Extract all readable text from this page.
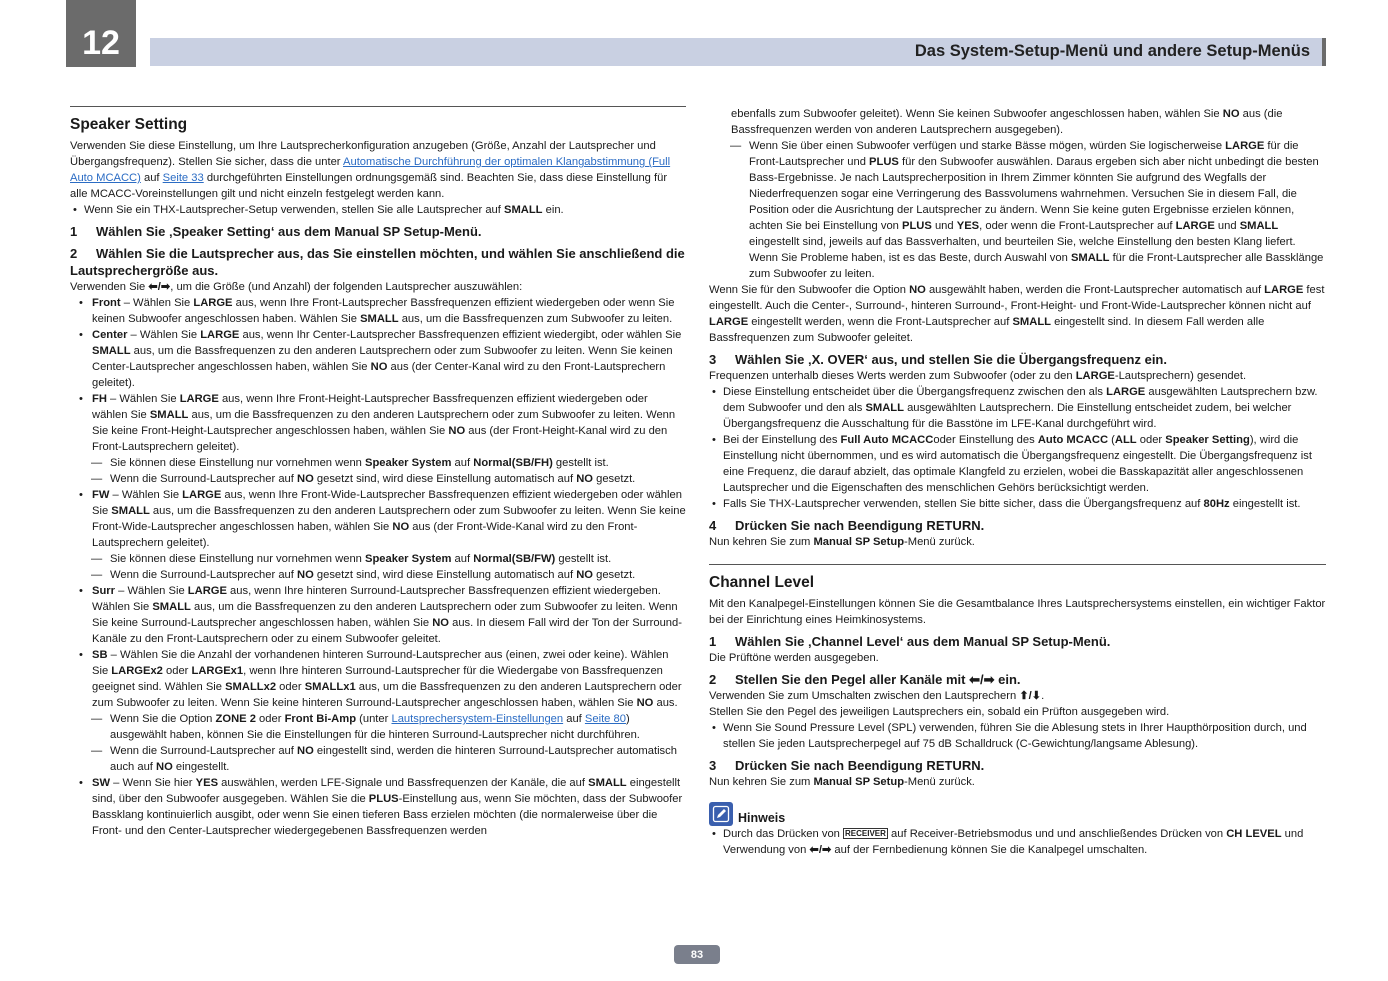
12	Das System-Setup-Menü und andere Setup-Menüs
Speaker Setting

Verwenden Sie diese Einstellung, um Ihre Lautsprecherkonfiguration anzugeben (Größe, Anzahl der Lautsprecher und Übergangsfrequenz). Stellen Sie sicher, dass die unter Automatische Durchführung der optimalen Klangabstimmung (Full Auto MCACC) auf Seite 33 durchgeführten Einstellungen ordnungsgemäß sind. Beachten Sie, dass diese Einstellung für alle MCACC-Voreinstellungen gilt und nicht einzeln festgelegt werden kann.

• Wenn Sie ein THX-Lautsprecher-Setup verwenden, stellen Sie alle Lautsprecher auf SMALL ein.
1 Wählen Sie ‚Speaker Setting‘ aus dem Manual SP Setup-Menü.
2 Wählen Sie die Lautsprecher aus, das Sie einstellen möchten, und wählen Sie anschließend die Lautsprechergröße aus.

Verwenden Sie ⬅/➡, um die Größe (und Anzahl) der folgenden Lautsprecher auszuwählen:

• Front – Wählen Sie LARGE aus, wenn Ihre Front-Lautsprecher Bassfrequenzen effizient wiedergeben oder wenn Sie keinen Subwoofer angeschlossen haben. Wählen Sie SMALL aus, um die Bassfrequenzen zum Subwoofer zu leiten.
• Center – Wählen Sie LARGE aus, wenn Ihr Center-Lautsprecher Bassfrequenzen effizient wiedergibt, oder wählen Sie SMALL aus, um die Bassfrequenzen zu den anderen Lautsprechern oder zum Subwoofer zu leiten. Wenn Sie keinen Center-Lautsprecher angeschlossen haben, wählen Sie NO aus (der Center-Kanal wird zu den Front-Lautsprechern geleitet).
• FH – Wählen Sie LARGE aus, wenn Ihre Front-Height-Lautsprecher Bassfrequenzen effizient wiedergeben oder wählen Sie SMALL aus, um die Bassfrequenzen zu den anderen Lautsprechern oder zum Subwoofer zu leiten. Wenn Sie keine Front-Height-Lautsprecher angeschlossen haben, wählen Sie NO aus (der Front-Height-Kanal wird zu den Front-Lautsprechern geleitet).
— Sie können diese Einstellung nur vornehmen wenn Speaker System auf Normal(SB/FH) gestellt ist.
— Wenn die Surround-Lautsprecher auf NO gesetzt sind, wird diese Einstellung automatisch auf NO gesetzt.
• FW – Wählen Sie LARGE aus, wenn Ihre Front-Wide-Lautsprecher Bassfrequenzen effizient wiedergeben oder wählen Sie SMALL aus, um die Bassfrequenzen zu den anderen Lautsprechern oder zum Subwoofer zu leiten. Wenn Sie keine Front-Wide-Lautsprecher angeschlossen haben, wählen Sie NO aus (der Front-Wide-Kanal wird zu den Front-Lautsprechern geleitet).
— Sie können diese Einstellung nur vornehmen wenn Speaker System auf Normal(SB/FW) gestellt ist.
— Wenn die Surround-Lautsprecher auf NO gesetzt sind, wird diese Einstellung automatisch auf NO gesetzt.
• Surr – Wählen Sie LARGE aus, wenn Ihre hinteren Surround-Lautsprecher Bassfrequenzen effizient wiedergeben. Wählen Sie SMALL aus, um die Bassfrequenzen zu den anderen Lautsprechern oder zum Subwoofer zu leiten. Wenn Sie keine Surround-Lautsprecher angeschlossen haben, wählen Sie NO aus. In diesem Fall wird der Ton der Surround-Kanäle zu den Front-Lautsprechern oder zu einem Subwoofer geleitet.
• SB – Wählen Sie die Anzahl der vorhandenen hinteren Surround-Lautsprecher aus (einen, zwei oder keine). Wählen Sie LARGEx2 oder LARGEx1, wenn Ihre hinteren Surround-Lautsprecher für die Wiedergabe von Bassfrequenzen geeignet sind. Wählen Sie SMALLx2 oder SMALLx1 aus, um die Bassfrequenzen zu den anderen Lautsprechern oder zum Subwoofer zu leiten. Wenn Sie keine hinteren Surround-Lautsprecher angeschlossen haben, wählen Sie NO aus.
— Wenn Sie die Option ZONE 2 oder Front Bi-Amp (unter Lautsprechersystem-Einstellungen auf Seite 80) ausgewählt haben, können Sie die Einstellungen für die hinteren Surround-Lautsprecher nicht durchführen.
— Wenn die Surround-Lautsprecher auf NO eingestellt sind, werden die hinteren Surround-Lautsprecher automatisch auch auf NO eingestellt.
• SW – Wenn Sie hier YES auswählen, werden LFE-Signale und Bassfrequenzen der Kanäle, die auf SMALL eingestellt sind, über den Subwoofer ausgegeben. Wählen Sie die PLUS-Einstellung aus, wenn Sie möchten, dass der Subwoofer Bassklang kontinuierlich ausgibt, oder wenn Sie einen tieferen Bass erzielen möchten (die normalerweise über die Front- und den Center-Lautsprecher wiedergegebenen Bassfrequenzen werden

ebenfalls zum Subwoofer geleitet). Wenn Sie keinen Subwoofer angeschlossen haben, wählen Sie NO aus (die Bassfrequenzen werden von anderen Lautsprechern ausgegeben).

— Wenn Sie über einen Subwoofer verfügen und starke Bässe mögen, würden Sie logischerweise LARGE für die Front-Lautsprecher und PLUS für den Subwoofer auswählen. Daraus ergeben sich aber nicht unbedingt die besten Bass-Ergebnisse. Je nach Lautsprecherposition in Ihrem Zimmer könnten Sie aufgrund des Wegfalls der Niederfrequenzen sogar eine Verringerung des Bassvolumens wahrnehmen. Versuchen Sie in diesem Fall, die Position oder die Ausrichtung der Lautsprecher zu ändern. Wenn Sie keine guten Ergebnisse erzielen können, achten Sie bei Einstellung von PLUS und YES, oder wenn die Front-Lautsprecher auf LARGE und SMALL eingestellt sind, jeweils auf das Bassverhalten, und beurteilen Sie, welche Einstellung den besten Klang liefert. Wenn Sie Probleme haben, ist es das Beste, durch Auswahl von SMALL für die Front-Lautsprecher alle Bassklänge zum Subwoofer zu leiten.

Wenn Sie für den Subwoofer die Option NO ausgewählt haben, werden die Front-Lautsprecher automatisch auf LARGE fest eingestellt. Auch die Center-, Surround-, hinteren Surround-, Front-Height- und Front-Wide-Lautsprecher können nicht auf LARGE eingestellt werden, wenn die Front-Lautsprecher auf SMALL eingestellt sind. In diesem Fall werden alle Bassfrequenzen zum Subwoofer geleitet.

3 Wählen Sie ‚X. OVER‘ aus, und stellen Sie die Übergangsfrequenz ein.

Frequenzen unterhalb dieses Werts werden zum Subwoofer (oder zu den LARGE-Lautsprechern) gesendet.

• Diese Einstellung entscheidet über die Übergangsfrequenz zwischen den als LARGE ausgewählten Lautsprechern bzw. dem Subwoofer und den als SMALL ausgewählten Lautsprechern. Die Einstellung entscheidet zudem, bei welcher Übergangsfrequenz die Ausschaltung für die Basstöne im LFE-Kanal durchgeführt wird.
• Bei der Einstellung des Full Auto MCACCoder Einstellung des Auto MCACC (ALL oder Speaker Setting), wird die Einstellung nicht übernommen, und es wird automatisch die Übergangsfrequenz eingestellt. Die Übergangsfrequenz ist eine Frequenz, die darauf abzielt, das optimale Klangfeld zu erzielen, wobei die Basskapazität aller angeschlossenen Lautsprecher und die Eigenschaften des menschlichen Gehörs berücksichtigt werden.
• Falls Sie THX-Lautsprecher verwenden, stellen Sie bitte sicher, dass die Übergangsfrequenz auf 80Hz eingestellt ist.
4 Drücken Sie nach Beendigung RETURN.

Nun kehren Sie zum Manual SP Setup-Menü zurück.

Channel Level

Mit den Kanalpegel-Einstellungen können Sie die Gesamtbalance Ihres Lautsprechersystems einstellen, ein wichtiger Faktor bei der Einrichtung eines Heimkinosystems.

1 Wählen Sie ‚Channel Level‘ aus dem Manual SP Setup-Menü.

Die Prüftöne werden ausgegeben.

2 Stellen Sie den Pegel aller Kanäle mit ⬅/➡ ein.

Verwenden Sie zum Umschalten zwischen den Lautsprechern ⬆/⬇.

Stellen Sie den Pegel des jeweiligen Lautsprechers ein, sobald ein Prüfton ausgegeben wird.

• Wenn Sie Sound Pressure Level (SPL) verwenden, führen Sie die Ablesung stets in Ihrer Haupthörposition durch, und stellen Sie jeden Lautsprecherpegel auf 75 dB Schalldruck (C-Gewichtung/langsame Ablesung).
3 Drücken Sie nach Beendigung RETURN.

Nun kehren Sie zum Manual SP Setup-Menü zurück.

Hinweis
• Durch das Drücken von RECEIVER auf Receiver-Betriebsmodus und und anschließendes Drücken von CH LEVEL und Verwendung von ⬅/➡ auf der Fernbedienung können Sie die Kanalpegel umschalten.
83
